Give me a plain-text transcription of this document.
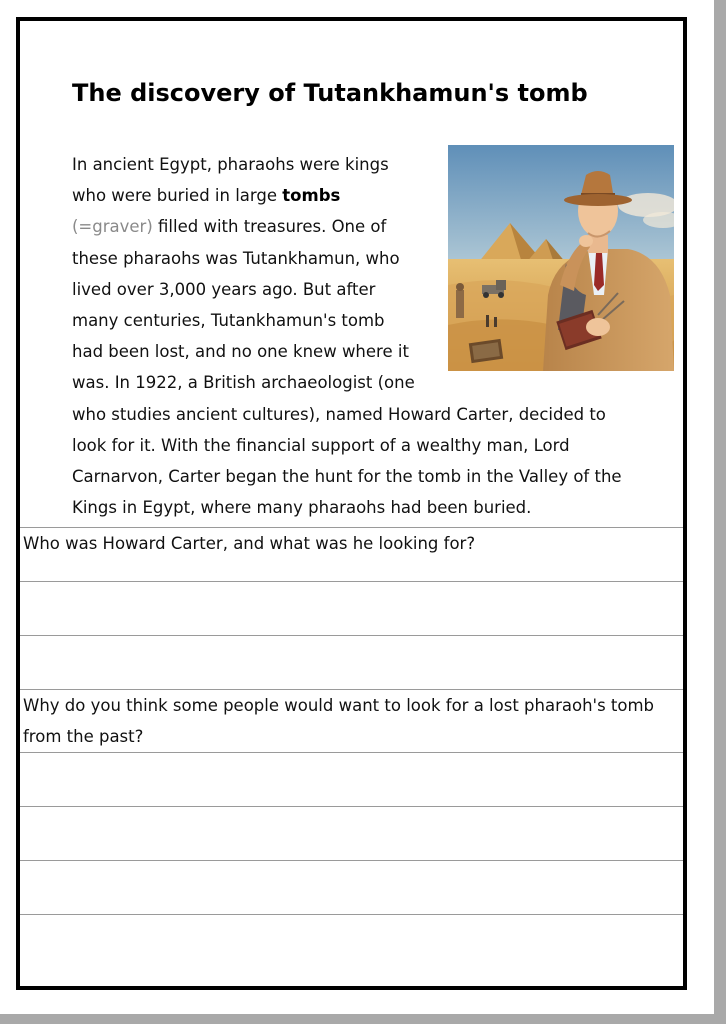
The discovery of Tutankhamun's tomb

In ancient Egypt, pharaohs were kings who were buried in large tombs
(=graver) filled with treasures. One of these pharaohs was Tutankhamun, who lived over 3,000 years ago. But after many centuries, Tutankhamun's tomb had been lost, and no one knew where it was. In 1922, a British archaeologist (one who studies ancient cultures), named Howard Carter, decided to look for it. With the financial support of a wealthy man, Lord Carnarvon, Carter began the hunt for the tomb in the Valley of the Kings in Egypt, where many pharaohs had been buried.

Who was Howard Carter, and what was he looking for?
Why do you think some people would want to look for a lost pharaoh's tomb from the past?
